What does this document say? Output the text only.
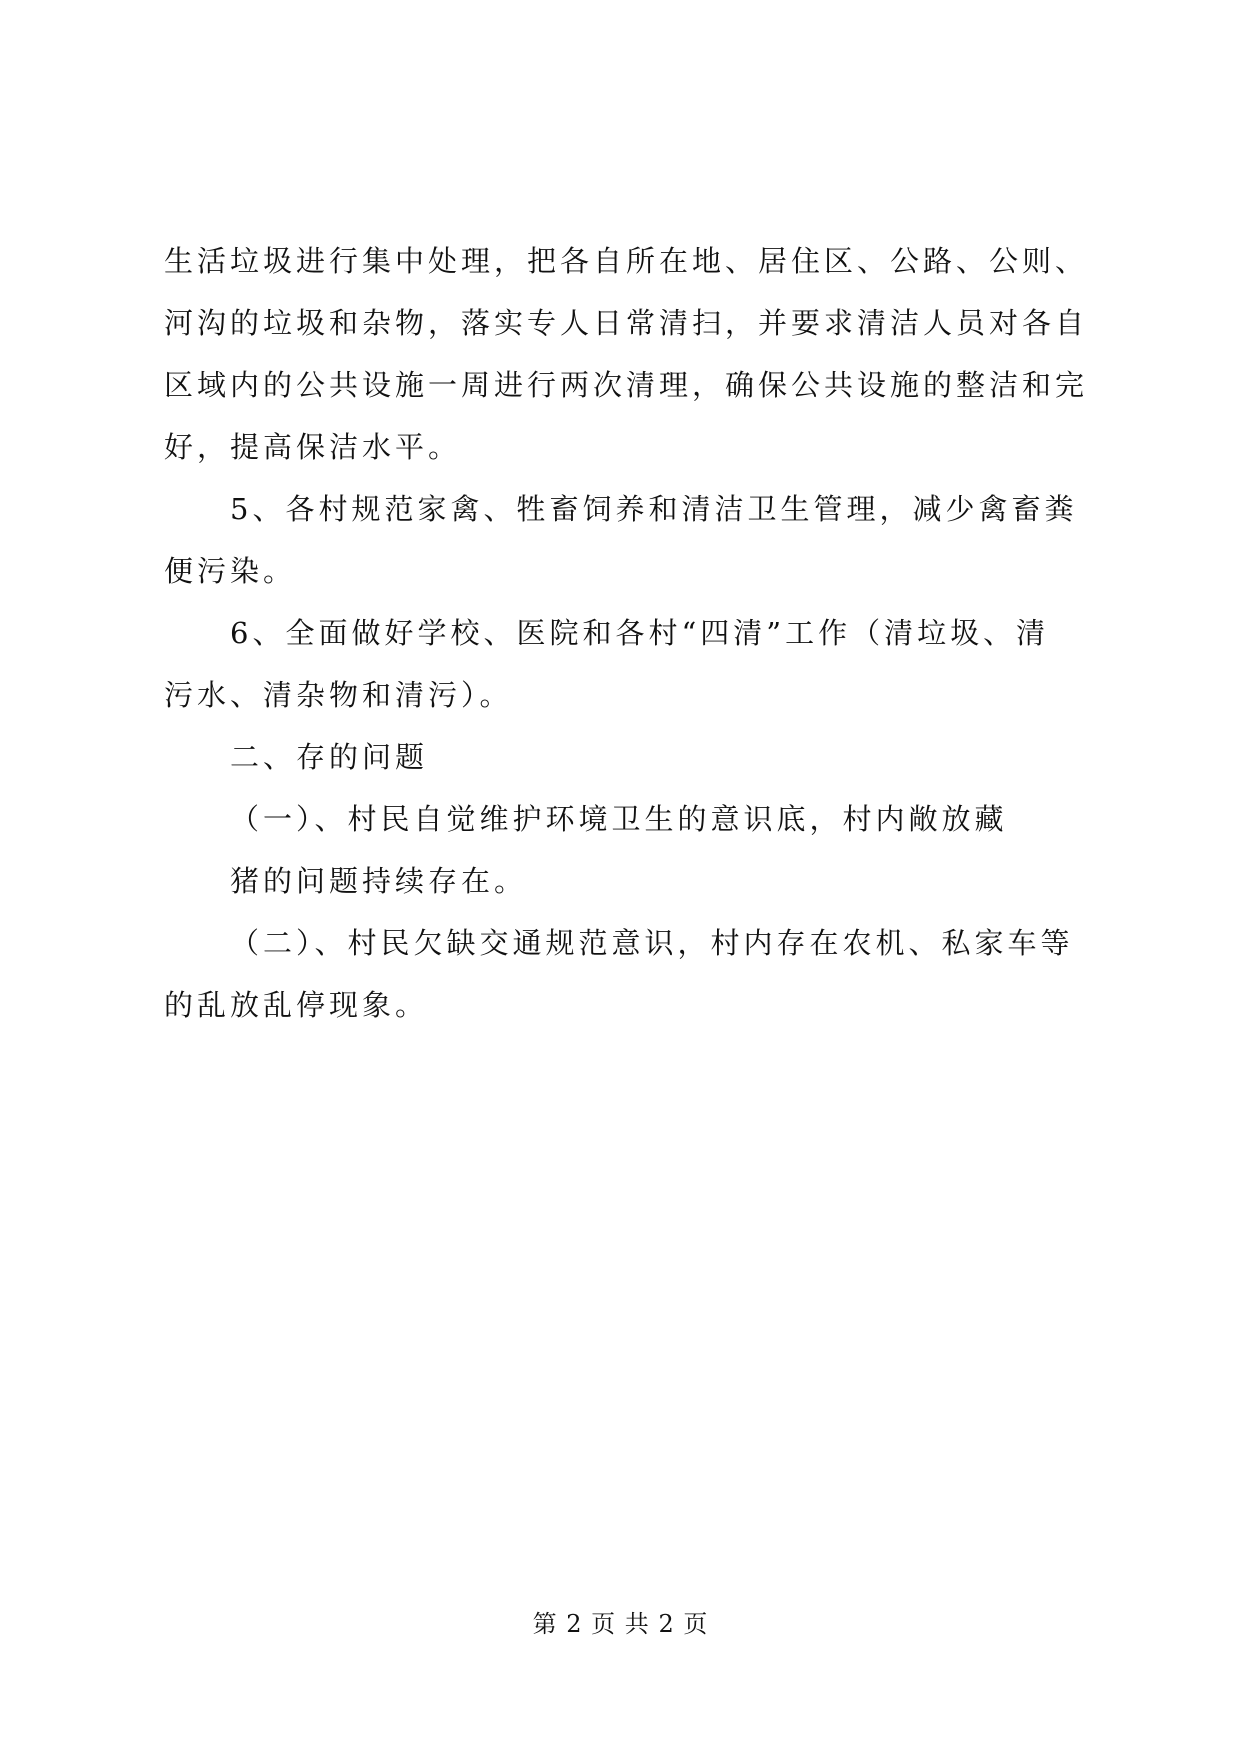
生活垃圾进行集中处理，把各自所在地、居住区、公路、公则、
河沟的垃圾和杂物，落实专人日常清扫，并要求清洁人员对各自
区域内的公共设施一周进行两次清理，确保公共设施的整洁和完
好，提高保洁水平。
5、各村规范家禽、牲畜饲养和清洁卫生管理，减少禽畜粪
便污染。
6、全面做好学校、医院和各村“四清”工作（清垃圾、清
污水、清杂物和清污）。
二、存的问题
（一）、村民自觉维护环境卫生的意识底，村内敞放藏
猪的问题持续存在。
（二）、村民欠缺交通规范意识，村内存在农机、私家车等
的乱放乱停现象。
第 2 页 共 2 页
